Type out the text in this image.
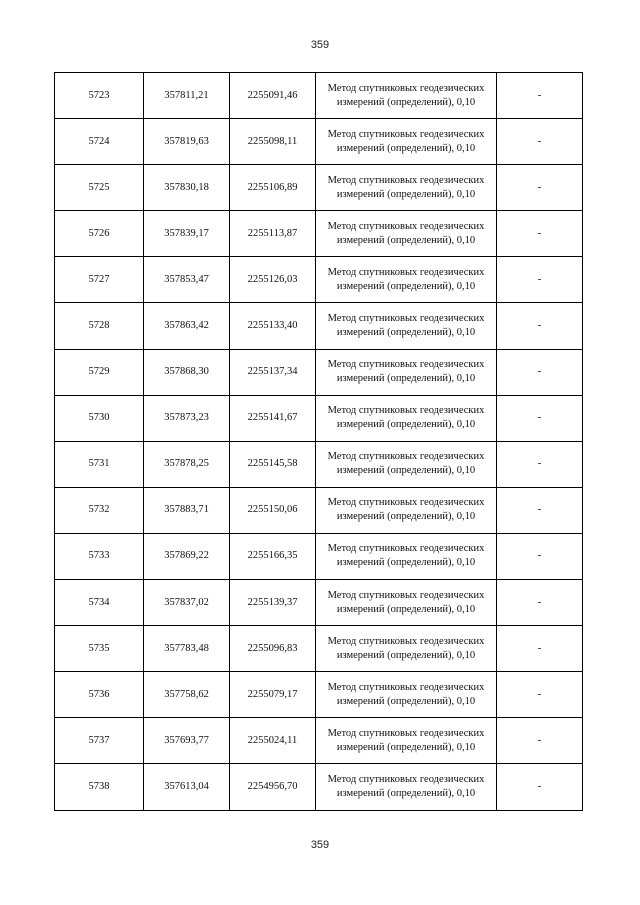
359
5723	357811,21	2255091,46	Метод спутниковых геодезических измерений (определений), 0,10	-
5724	357819,63	2255098,11	Метод спутниковых геодезических измерений (определений), 0,10	-
5725	357830,18	2255106,89	Метод спутниковых геодезических измерений (определений), 0,10	-
5726	357839,17	2255113,87	Метод спутниковых геодезических измерений (определений), 0,10	-
5727	357853,47	2255126,03	Метод спутниковых геодезических измерений (определений), 0,10	-
5728	357863,42	2255133,40	Метод спутниковых геодезических измерений (определений), 0,10	-
5729	357868,30	2255137,34	Метод спутниковых геодезических измерений (определений), 0,10	-
5730	357873,23	2255141,67	Метод спутниковых геодезических измерений (определений), 0,10	-
5731	357878,25	2255145,58	Метод спутниковых геодезических измерений (определений), 0,10	-
5732	357883,71	2255150,06	Метод спутниковых геодезических измерений (определений), 0,10	-
5733	357869,22	2255166,35	Метод спутниковых геодезических измерений (определений), 0,10	-
5734	357837,02	2255139,37	Метод спутниковых геодезических измерений (определений), 0,10	-
5735	357783,48	2255096,83	Метод спутниковых геодезических измерений (определений), 0,10	-
5736	357758,62	2255079,17	Метод спутниковых геодезических измерений (определений), 0,10	-
5737	357693,77	2255024,11	Метод спутниковых геодезических измерений (определений), 0,10	-
5738	357613,04	2254956,70	Метод спутниковых геодезических измерений (определений), 0,10	-
359
